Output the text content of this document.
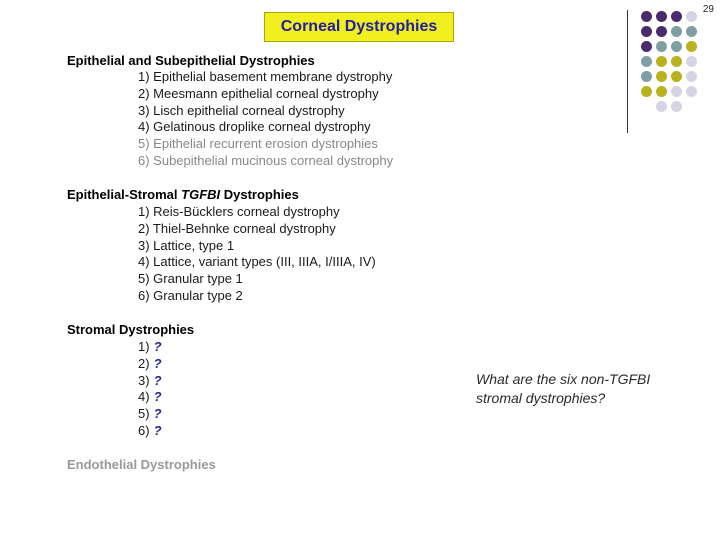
29
Corneal Dystrophies
Epithelial and Subepithelial Dystrophies
1) Epithelial basement membrane dystrophy
2) Meesmann epithelial corneal dystrophy
3) Lisch epithelial corneal dystrophy
4) Gelatinous droplike corneal dystrophy
5) Epithelial recurrent erosion dystrophies
6) Subepithelial mucinous corneal dystrophy
Epithelial-Stromal TGFBI Dystrophies
1) Reis-Bücklers corneal dystrophy
2) Thiel-Behnke corneal dystrophy
3) Lattice, type 1
4) Lattice, variant types (III, IIIA, I/IIIA, IV)
5) Granular type 1
6) Granular type 2
Stromal Dystrophies
1) ?
2) ?
3) ?
4) ?
5) ?
6) ?
What are the six non-TGFBI
stromal dystrophies?
Endothelial Dystrophies
